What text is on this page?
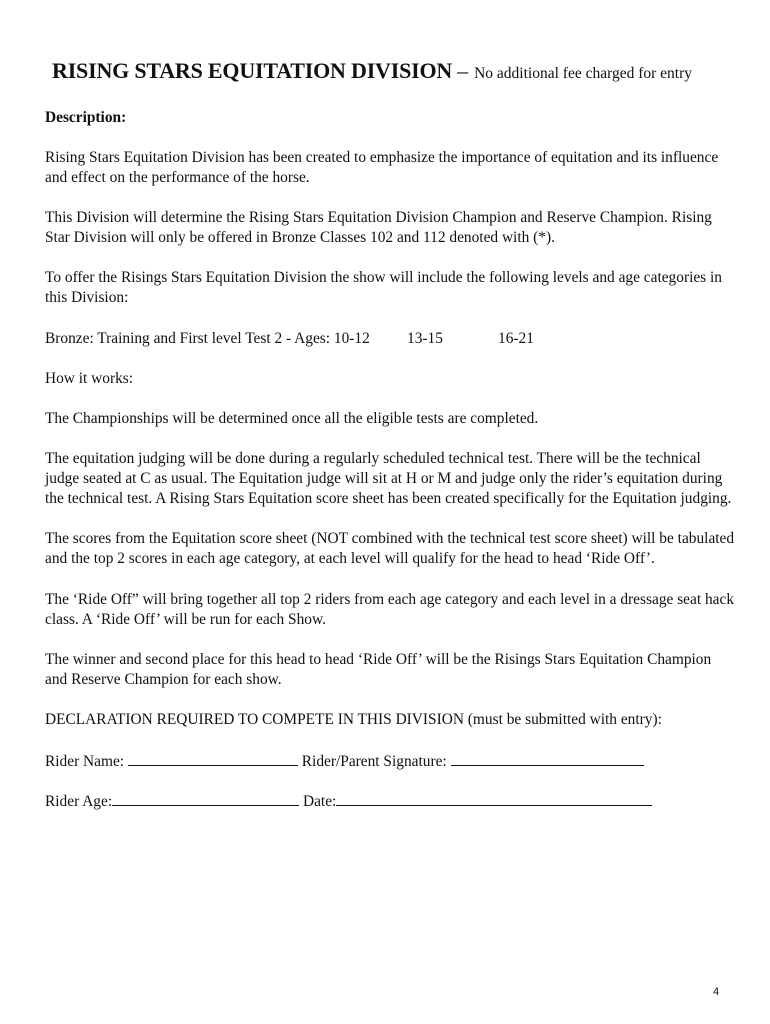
RISING STARS EQUITATION DIVISION – No additional fee charged for entry
Description:
Rising Stars Equitation Division has been created to emphasize the importance of equitation and its influence and effect on the performance of the horse.
This Division will determine the Rising Stars Equitation Division Champion and Reserve Champion. Rising Star Division will only be offered in Bronze Classes 102 and 112 denoted with (*).
To offer the Risings Stars Equitation Division the show will include the following levels and age categories in this Division:
Bronze: Training and First level Test 2 - Ages: 10-12 13-15	16-21
How it works:
The Championships will be determined once all the eligible tests are completed.
The equitation judging will be done during a regularly scheduled technical test. There will be the technical judge seated at C as usual. The Equitation judge will sit at H or M and judge only the rider’s equitation during the technical test. A Rising Stars Equitation score sheet has been created specifically for the Equitation judging.
The scores from the Equitation score sheet (NOT combined with the technical test score sheet) will be tabulated and the top 2 scores in each age category, at each level will qualify for the head to head ‘Ride Off’.
The ‘Ride Off” will bring together all top 2 riders from each age category and each level in a dressage seat hack class. A ‘Ride Off’ will be run for each Show.
The winner and second place for this head to head ‘Ride Off’ will be the Risings Stars Equitation Champion and Reserve Champion for each show.
DECLARATION REQUIRED TO COMPETE IN THIS DIVISION (must be submitted with entry):
Rider Name:	Rider/Parent Signature:
Rider Age:	Date:
4
